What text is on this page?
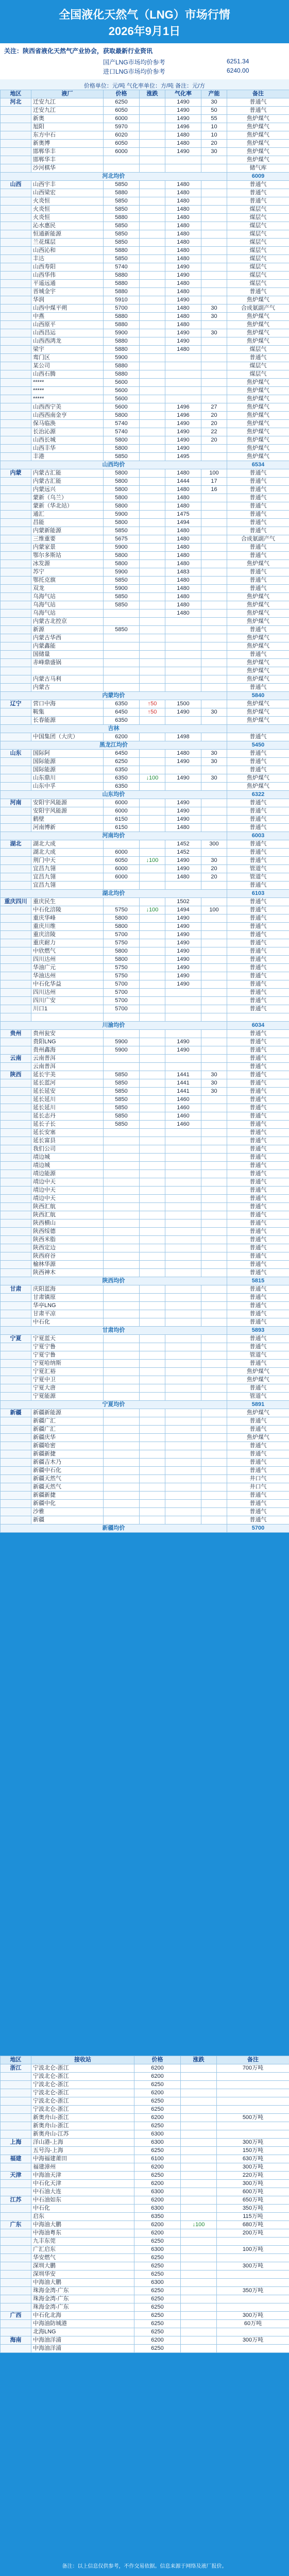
全国液化天然气（LNG）市场行情
2026年9月1日
关注：陕西省液化天然气产业协会，获取最新行业资讯
国产LNG市场均价参考	6251.34
进口LNG市场均价参考	6240.00
价格单位：元/吨 气化率单位：方/吨 备注：元/方
地区	液厂	价格	涨跌	气化率	产能	备注
河北	迁安九江	6250		1490	30	普通气
	迁安九江	6050		1490	50	普通气
	新奥	6000		1490	55	焦炉煤气
	旭阳	5970		1496	10	焦炉煤气
	东方中石	6020		1480	10	焦炉煤气
	新奥博	6050		1480	20	焦炉煤气
	邯郸华丰	6000		1490	30	焦炉煤气
	邯郸华丰					焦炉煤气
	沙河棋华					储气库
河北均价						6009
山西	山西宇丰	5850		1480		普通气
	山西梁宏	5880		1480		普通气
	火炎恒	5850		1480		普通气
	火炎恒	5850		1480		煤层气
	火炎恒	5880		1480		煤层气
	沁水惠民	5850		1480		煤层气
	恒通新能源	5850		1480		煤层气
	兰花煤层	5850		1480		煤层气
	山西沁和	5880		1480		煤层气
	丰达	5850		1480		煤层气
	山西寿阳	5740		1490		煤层气
	山西华伟	5880		1490		煤层气
	平遥远通	5880		1480		煤层气
	晋城金宇	5880		1480		普通气
	华润	5910		1490		焦炉煤气
	山西中煤平朔	5700		1480	30	合成氨副产气
	中燕	5880		1480	30	焦炉煤气
	山西原平	5880		1480		焦炉煤气
	山西昌运	5900		1490	30	焦炉煤气
	山西西鸿龙	5880		1490		焦炉煤气
	梁宇	5880		1480		煤层气
	鸾门区	5900				普通气
	某公司	5880				煤层气
	山西石腾	5880				煤层气
	*****	5600				焦炉煤气
	*****	5600				焦炉煤气
	*****	5600				焦炉煤气
	山西西宁美	5600		1496	27	焦炉煤气
	山西西南金亨	5800		1496	20	焦炉煤气
	保马临涣	5740		1490	20	焦炉煤气
	长治沁源	5740		1490	22	焦炉煤气
	山西长城	5800		1490	20	焦炉煤气
	山西丰华	5800		1490		焦炉煤气
	丰港	5850		1495		焦炉煤气
山西均价						6534
内蒙	内蒙古汇能	5800		1480	100	普通气
	内蒙古汇能	5800		1444	17	普通气
	内蒙远兴	5800		1480	16	普通气
	蒙新（乌兰）	5800		1480		普通气
	蒙新（华北站）	5800		1480		普通气
	通汇	5900		1475		普通气
	昌能	5800		1494		普通气
	内蒙新能源	5850		1480		普通气
	三维重要	5675		1480		合成氨副产气
	内蒙家景	5900		1480		普通气
	鄂尔多斯站	5800		1480		普通气
	冰发源	5800		1480		焦炉煤气
	苏宁	5900		1483		普通气
	鄂托克旗	5850		1480		普通气
	双龙	5900		1480		普通气
	乌海气站	5850		1480		焦炉煤气
	乌海气站	5850		1480		焦炉煤气
	乌海气站			1480		焦炉煤气
	内蒙古北控京					焦炉煤气
	新源	5850				普通气
	内蒙古华西					焦炉煤气
	内蒙鑫能					焦炉煤气
	国储量					普通气
	赤峰鼎盛锅					焦炉煤气
						焦炉煤气
	内蒙古马利					焦炉煤气
	内蒙古					普通气
内蒙均价						5840
辽宁	营口中海	6350	↑50	1500		焦炉煤气
	鞍集	6450	↑50	1490	30	焦炉煤气
	长春能源	6350				焦炉煤气
吉林						
	中国集团（大庆）	6200		1498		普通气
黑龙江均价						5450
山东	国际阿	6450		1480	30	普通气
	国际能源	6250		1490	30	普通气
	国际能源	6350				普通气
	山东鼎川	6350	↓100	1490	30	焦炉煤气
	山东中孚	6350				焦炉煤气
山东均价						6322
河南	安阳宇风能源	6000		1490		普通气
	安阳宇风能源	6000		1490		普通气
	鹤壁	6150		1490		普通气
	河南博新	6150		1480		普通气
河南均价						6003
湖北	湖北大成			1452	300	普通气
	湖北大成	6000		1452		普通气
	荆门中天	6050	↓100	1490	30	普通气
	宜昌九翎	6000		1490	20	管道气
	宜昌九翎	6000		1480	20	管道气
	宜昌九翎					普通气
湖北均价						6103
重庆四川	重庆民生			1502		普通气
	中石化涪陵	5750	↓100	1494	100	普通气
	重庆华峰	5800		1490		普通气
	重庆川维	5800		1490		普通气
	重庆涪陵	5700		1490		普通气
	重庆耐力	5750		1490		普通气
	中欣燃气	5800		1490		普通气
	四川达州	5800		1490		普通气
	华油广元	5750		1490		普通气
	华油达州	5750		1490		普通气
	中石化华益	5700		1490		普通气
	四川达州	5700				普通气
	四川广安	5700				普通气
	川口1	5700				普通气

川渝均价						6034
贵州	贵州瓮安					普通气
	贵阳LNG	5900		1490		普通气
	贵州鑫海	5900		1490		普通气
云南	云南普洱					普通气
	云南普洱					普通气
陕西	延长宇美	5850		1441	30	普通气
	延长蓝河	5850		1441	30	普通气
	延长延安	5850		1441	30	普通气
	延长延川	5850		1460		普通气
	延长延川	5850		1460		普通气
	延长志丹	5850		1460		普通气
	延长子长	5850		1460		普通气
	延长安塞					普通气
	延长富县					普通气
	我们公司					普通气
	靖边城					普通气
	靖边城					普通气
	靖边能源					普通气
	靖边中天					普通气
	靖边中天					普通气
	靖边中天					普通气
	陕西汇航					普通气
	陕西汇航					普通气
	陕西横山					普通气
	陕西绥德					普通气
	陕西米脂					普通气
	陕西定边					普通气
	陕西府谷					普通气
	榆林华源					普通气
	陕西神木					普通气
陕西均价						5815
甘肃	庆阳蓝海					普通气
	甘肃镇原					普通气
	华亭LNG					普通气
	甘肃平凉					普通气
	中石化					普通气
甘肃均价						5893
宁夏	宁夏蓝天					普通气
	宁夏宁鲁					普通气
	宁夏宁鲁					管道气
	宁夏哈纳斯					普通气
	宁夏汇裕					焦炉煤气
	宁夏中卫					焦炉煤气
	宁夏大唐					普通气
	宁夏能源					管道气
宁夏均价						5891
新疆	新疆新能源					焦炉煤气
	新疆广汇					普通气
	新疆广汇					普通气
	新疆庆华					焦炉煤气
	新疆哈密					普通气
	新疆新捷					普通气
	新疆吉木乃					普通气
	新疆中石化					普通气
	新疆天然气					井口气
	新疆天然气					井口气
	新疆新捷					普通气
	新疆中化					普通气
	沙雅					普通气
	新疆					普通气
新疆均价						5700
地区	接收站	价格	涨跌	备注
浙江	宁波北仑-浙江	6200		700万吨
	宁波北仑-浙江	6200		
	宁波北仑-浙江	6250		
	宁波北仑-浙江	6200		
	宁波北仑-浙江	6250		
	宁波北仑-浙江	6250		
	新奥舟山-浙江	6200		500万吨
	新奥舟山-浙江	6250		
	新奥舟山-江苏	6300		
上海	洋山港-上海	6300		300万吨
	五号沟-上海	6250		150万吨
福建	中海福建莆田	6100		630万吨
	福建漳州	6200		300万吨
天津	中海油天津	6250		220万吨
	中石化天津	6200		300万吨
	中石油大连	6300		600万吨
江苏	中石油如东	6200		650万吨
	中石化	6300		350万吨
	启东	6350		115万吨
广东	中海油大鹏	6200	↓100	680万吨
	中海油粤东	6200		200万吨
	九丰东莞	6250		
	广汇启东	6300		100万吨
	华安燃气	6250		
	深圳大鹏	6250		300万吨
	深圳华安	6250		
	中海油大鹏	6300		
	珠海金湾-广东	6250		350万吨
	珠海金湾-广东	6250		
	珠海金湾-广东	6250		
广西	中石化北海	6250		300万吨
	中海油防城港	6250		60万吨
	北海LNG	6250		
海南	中海油洋浦	6200		300万吨
	中海油洋浦	6250		
备注：以上信息仅供参考，不作交易依据。信息来源于网络及液厂报价。
